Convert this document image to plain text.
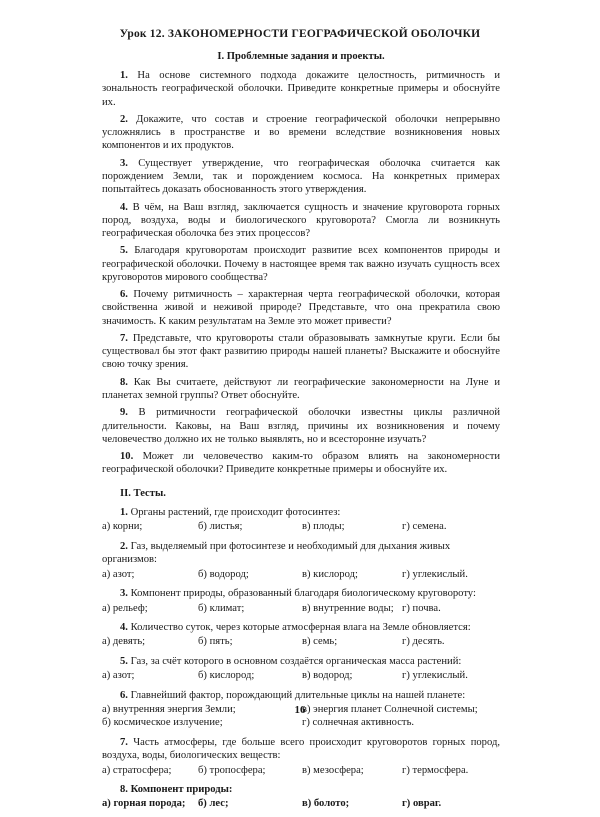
Урок 12. ЗАКОНОМЕРНОСТИ ГЕОГРАФИЧЕСКОЙ ОБОЛОЧКИ
I. Проблемные задания и проекты.

1. На основе системного подхода докажите целостность, ритмичность и зональность географической оболочки. Приведите конкретные примеры и обоснуйте их.

2. Докажите, что состав и строение географической оболочки непрерывно усложнялись в пространстве и во времени вследствие возникновения новых компонентов и их продуктов.

3. Существует утверждение, что географическая оболочка считается как порождением Земли, так и порождением космоса. На конкретных примерах попытайтесь доказать обоснованность этого утверждения.

4. В чём, на Ваш взгляд, заключается сущность и значение круговорота горных пород, воздуха, воды и биологического круговорота? Смогла ли возникнуть географическая оболочка без этих процессов?

5. Благодаря круговоротам происходит развитие всех компонентов природы и географической оболочки. Почему в настоящее время так важно изучать сущность всех круговоротов мирового сообщества?

6. Почему ритмичность – характерная черта географической оболочки, которая свойственна живой и неживой природе? Представьте, что она прекратила свою значимость. К каким результатам на Земле это может привести?

7. Представьте, что круговороты стали образовывать замкнутые круги. Если бы существовал бы этот факт развитию природы нашей планеты? Выскажите и обоснуйте свою точку зрения.

8. Как Вы считаете, действуют ли географические закономерности на Луне и планетах земной группы? Ответ обоснуйте.

9. В ритмичности географической оболочки известны циклы различной длительности. Каковы, на Ваш взгляд, причины их возникновения и почему человечество должно их не только выявлять, но и всесторонне изучать?

10. Может ли человечество каким-то образом влиять на закономерности географической оболочки? Приведите конкретные примеры и обоснуйте их.

II. Тесты.

1. Органы растений, где происходит фотосинтез:

а) корни;	б) листья;	в) плоды;	г) семена.

2. Газ, выделяемый при фотосинтезе и необходимый для дыхания живых организмов:

а) азот;	б) водород;	в) кислород;	г) углекислый.

3. Компонент природы, образованный благодаря биологическому круговороту:

а) рельеф;	б) климат;	в) внутренние воды; г) почва.

4. Количество суток, через которые атмосферная влага на Земле обновляется:

а) девять;	б) пять;	в) семь;	г) десять.

5. Газ, за счёт которого в основном создаётся органическая масса растений:

а) азот;	б) кислород;	в) водород;	г) углекислый.

6. Главнейший фактор, порождающий длительные циклы на нашей планете:

а) внутренняя энергия Земли;	в) энергия планет Солнечной системы;
б) космическое излучение;	г) солнечная активность.

7. Часть атмосферы, где больше всего происходит круговоротов горных пород, воздуха, воды, биологических веществ:

а) стратосфера;	б) тропосфера;	в) мезосфера;	г) термосфера.

8. Компонент природы:

а) горная порода;	б) лес;	в) болото;	г) овраг.
16
